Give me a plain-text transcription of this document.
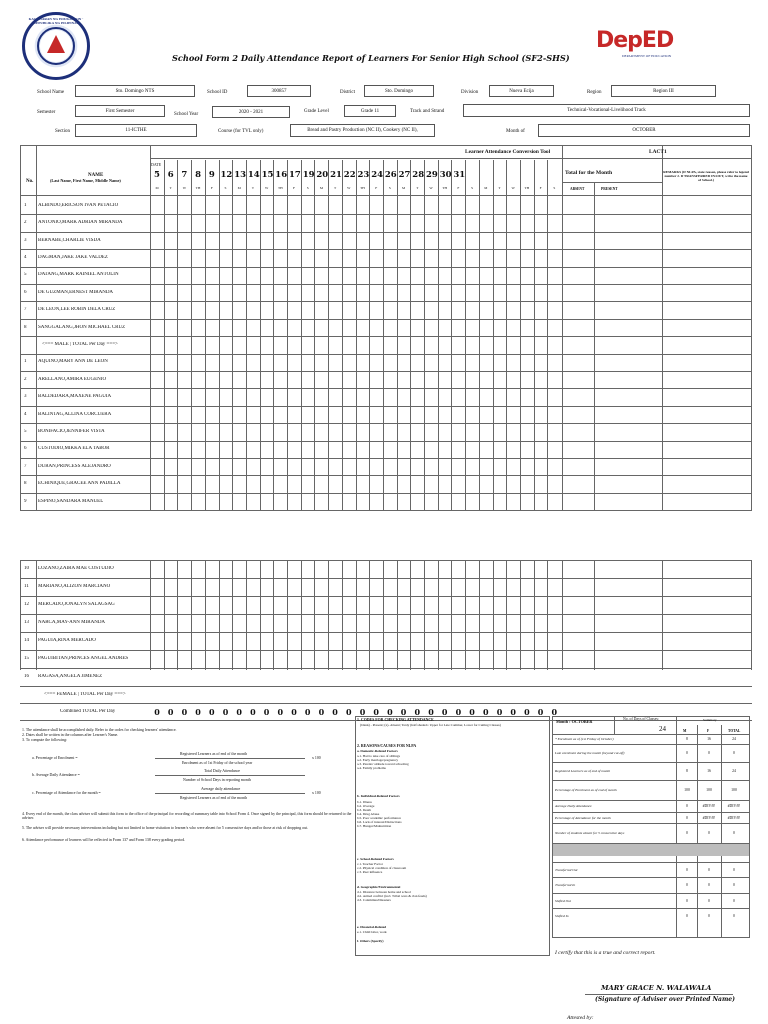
KAGAWARAN NG EDUKASYON · REPUBLIKA NG PILIPINAS
School Form 2 Daily Attendance Report of Learners For Senior High School (SF2-SHS)
DepED
DEPARTMENT OF EDUCATION
School Name	Sto. Domingo NTS	School ID	300857	District	Sto. Domingo	Division	Nueva Ecija	Region	Region III
Semester	First Semester
School Year	2020 - 2021	Grade Level	Grade 11	Track and Strand	Technical-Vocational-Livelihood Track
Section	11-ICTHE	Course (for TVL only)	Bread and Pastry Production (NC II), Cookery (NC II),	Month of	OCTOBER
Learner Attendance Conversion Tool	LACT1
No.
NAME
(Last Name, First Name, Middle Name)
DATE
5 6 7 8 9 12 13 14 15 16 17 19 20 21 22 23 24 26 27 28 29 30 31
M	T	W	TH	F	S	M	T	W	TH	F	S	M	T	W	TH	F	S	M	T	W	TH	F	S	M	T	W	TH	F	S
Total for the Month
ABSENT	PRESENT
REMARKS (If NLPA, state reason, please refer to legend number 2. If TRANSFERRED IN/OUT, write the name of School.)
1	ALBINDO,ERICSON IVAN PETACIO
2	ANTONIO,MARK ADRIAN MIRANDA
3	BERNABE,CHARLIE VISDA
4	DAGMAN,JAKE JAKE VALDEZ
5	DATANG,MARK RAINIEL ANTOLIN
6	DE GUZMAN,ERNEST MIRANDA
7	DE LEON,LEE ROBIN DELA CRUZ
8	SANGGALANG,JHON MICHAEL CRUZ
<=== MALE | TOTAL Per Day ===>
1	AQUINO,MARY ANN DE LEON
2	ARELLANO,AMIRA EUGENIO
3	BALDEDARA,MAXENE PAGUIA
4	BALINTAG,ALLINA CORCUERA
5	BONIFACIO,JENNIFER VISTA
6	CUSTODIO,MIKKA ELA TABOR
7	DURAN,PRINCESS ALEJANDRO
8	ECHINIQUE,GRACEE ANN PADILLA
9	ESPINO,SANDARA MANUEL
10	LOZANO,ZAIRA MAE COSTUDIO
11	MARIANO,ALIZON MARCIANO
12	MERCADO,JONALYN SALAGSAG
13	NARCA,MAY-ANN MIRANDA
14	PAGUIA,RINA MERCADO
15	PAGUIBITAN,PRINCES ANGEL ANDRES
16	RAGASA,ANGELA JIMENEZ
<=== FEMALE | TOTAL Per Day ===>
Combined TOTAL Per Day	0 0 0 0 0 0 0 0 0 0 0 0 0 0 0 0 0 0 0 0 0 0 0 0 0 0 0 0 0 0
1. The attendance shall be accomplished daily. Refer to the codes for checking learners' attendance.
2. Dates shall be written in the columns after Learner's Name.
3. To compute the following:
a. Percentage of Enrolment =
Registered Learners as of end of the month
Enrolment as of 1st Friday of the school year
x 100
b. Average Daily Attendance =
Total Daily Attendance
Number of School Days in reporting month
c. Percentage of Attendance for the month =
Average daily attendance
Registered Learners as of end of the month
x 100
4. Every end of the month, the class adviser will submit this form to the office of the principal for recording of summary table into School Form 4. Once signed by the principal, this form should be returned to the adviser.
5. The adviser will provide necessary interventions including but not limited to home visitation to learner/s who were absent for 5 consecutive days and/or those at risk of dropping out.
6. Attendance performance of learners will be reflected in Form 137 and Form 138 every grading period.
1. CODES FOR CHECKING ATTENDANCE
(blank) - Present; (x)- Absent; Tardy (half shaded= Upper for Late Commer, Lower for Cutting Classes)
2. REASONS/CAUSES FOR NLPA
a. Domestic-Related Factors
a.1. Had to take care of siblings
a.2. Early marriage/pregnancy
a.3. Parents' attitude toward schooling
a.4. Family problems
b. Individual-Related Factors
b.1. Illness
b.2. Overage
b.3. Death
b.4. Drug Abuse
b.5. Poor academic performance
b.6. Lack of interest/Distractions
b.7. Hunger/Malnutrition
c. School-Related Factors
c.1. Teacher Factor
c.2. Physical condition of classroom
c.3. Peer influence
d. Geographic/Environmental
d.1. Distance between home and school
d.2. Armed conflict (incl. Tribal wars & clan feuds)
d.3. Calamities/Disasters
e. Financial-Related
e.1. Child labor, work
f. Others (Specify)
* Enrolment as of (1st Friday of October)	8	16	24
Late enrolment during the month (beyond cut-off)	0	0	0
Registered Learners as of end of month	8	16	24
Percentage of Enrolment as of end of month	100	100	100
Average Daily Attendance	0	#DIV/0!	#DIV/0!
Percentage of Attendance for the month	0	#DIV/0!	#DIV/0!
Number of students absent for 5 consecutive days	0	0	0
Transferred Out	0	0	0
Transferred In	0	0	0
Shifted Out	0	0	0
Shifted In	0	0	0
Month : OCTOBER	No. of Days of Classes:
24
Summary
M	F	TOTAL
I certify that this is a true and correct report.
MARY GRACE N. WALAWALA
(Signature of Adviser over Printed Name)
Attested by:
